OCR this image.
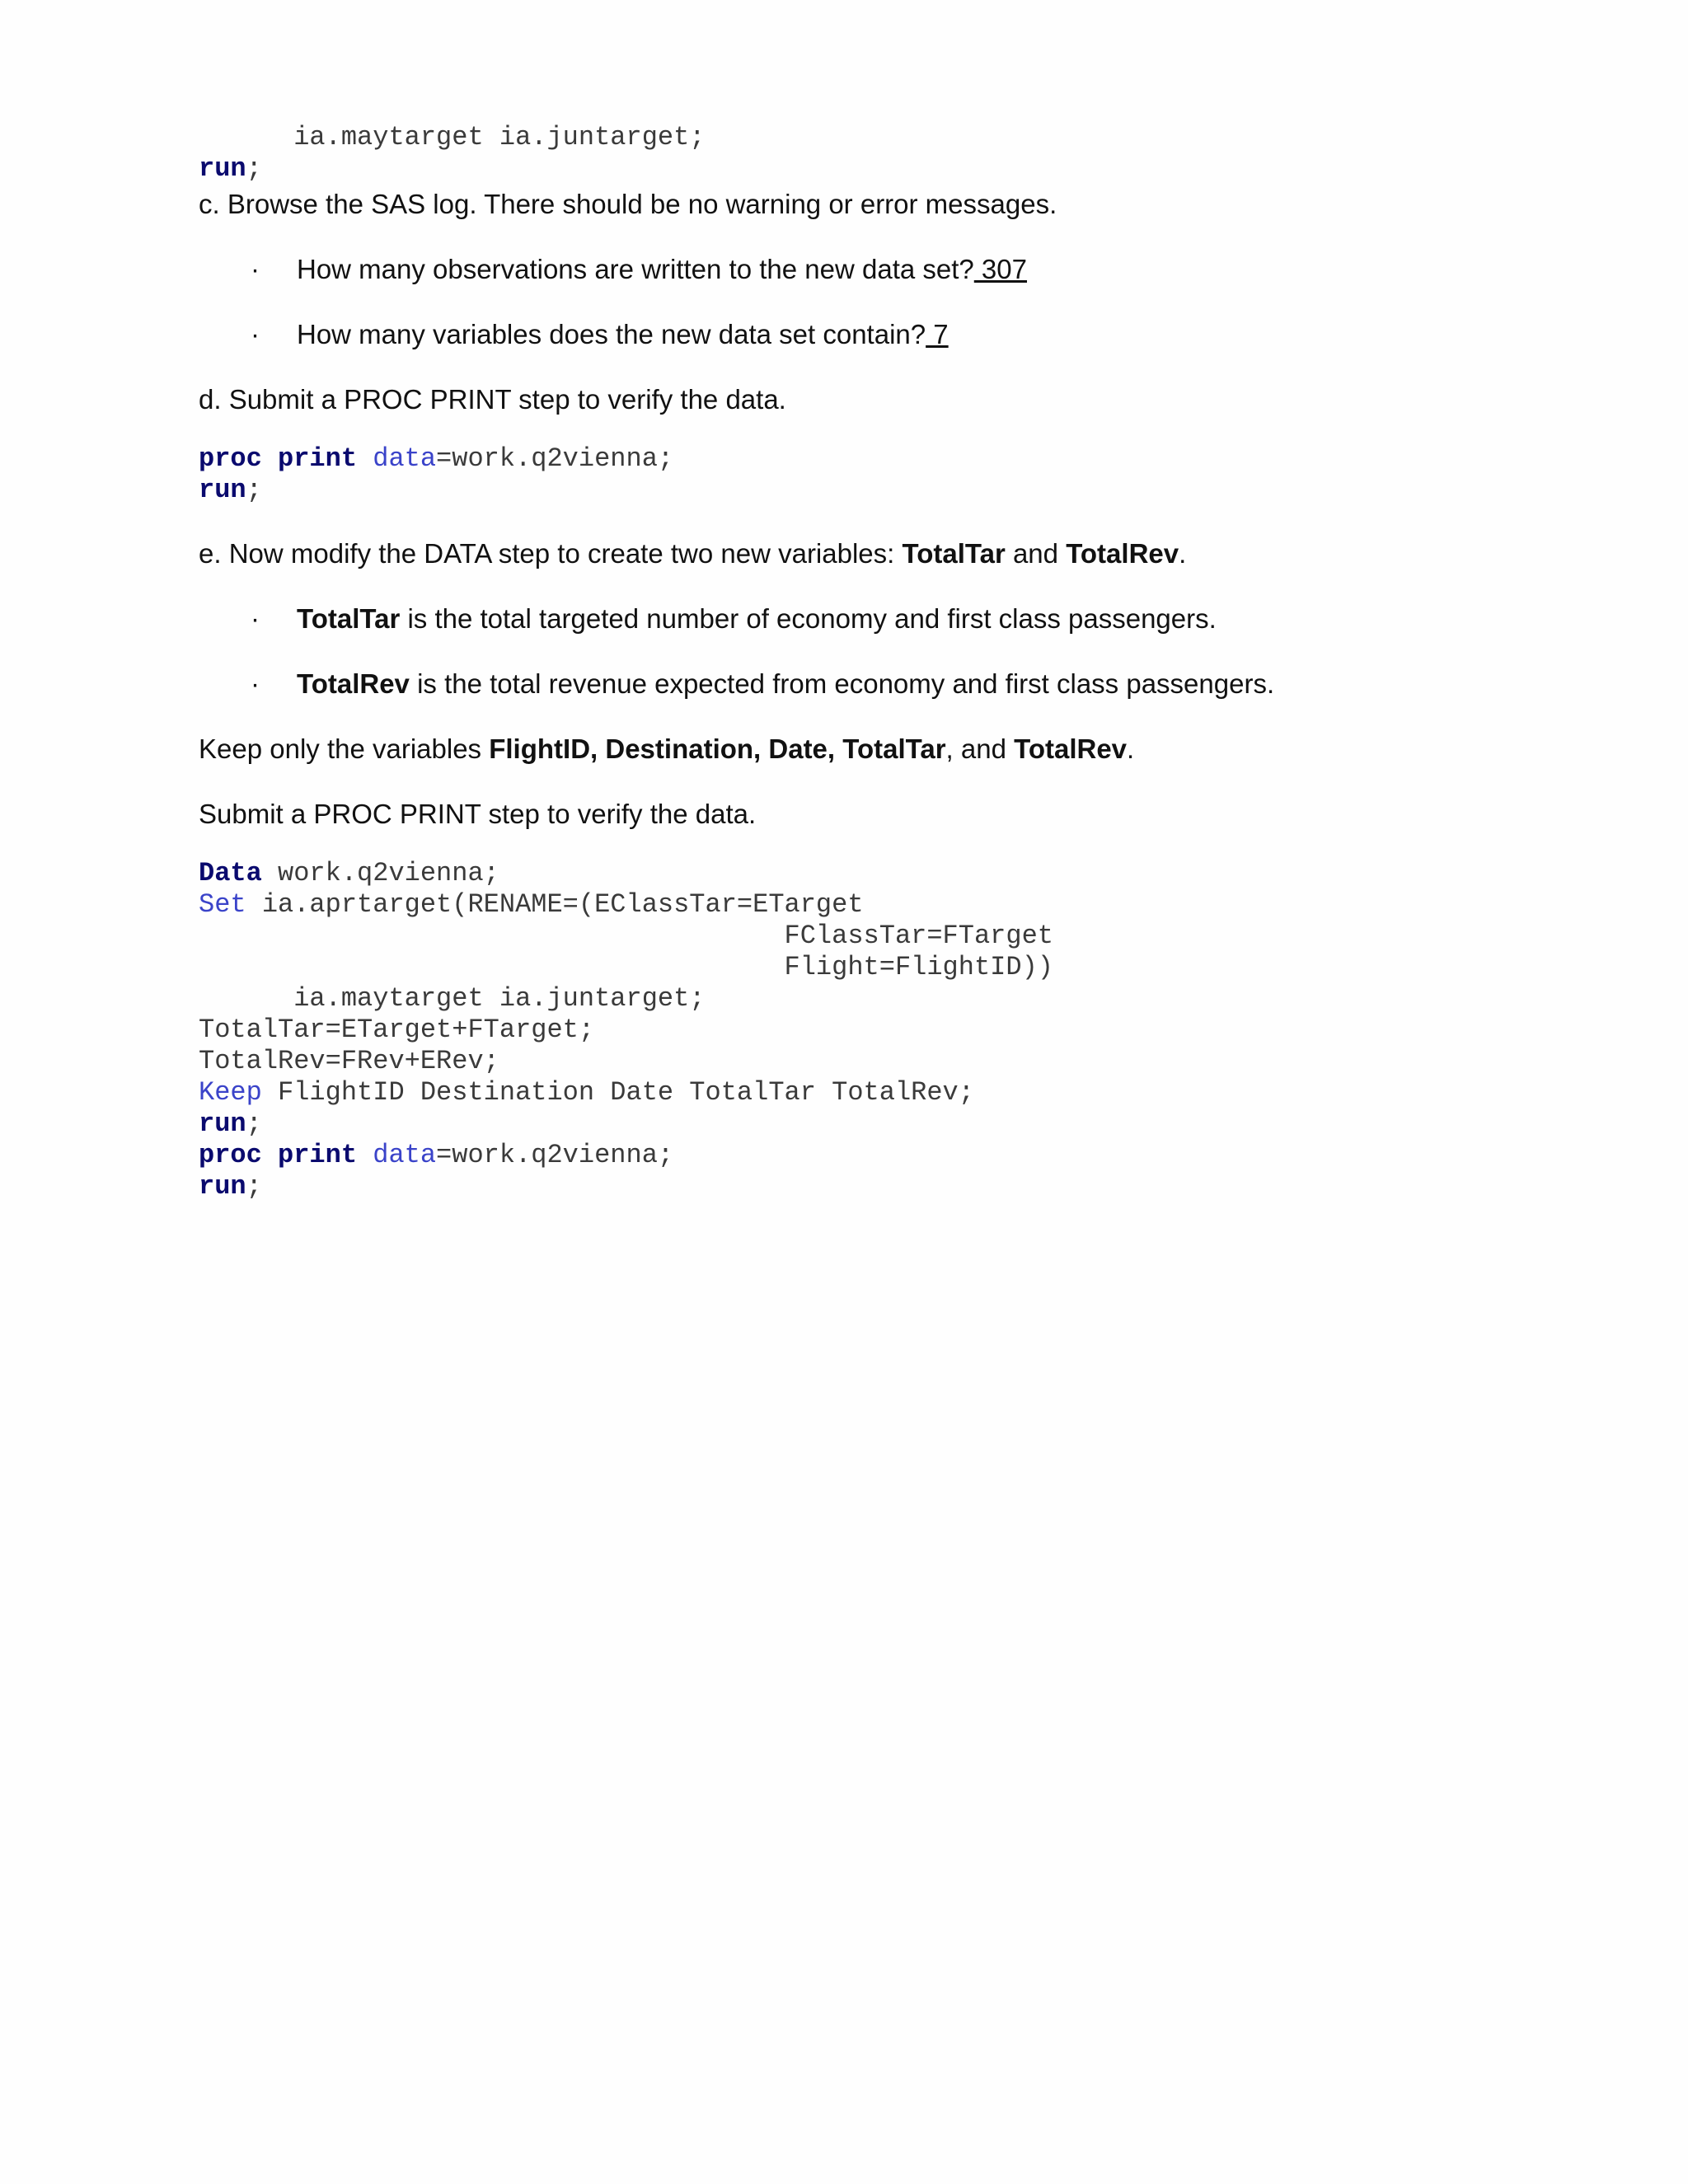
ia.maytarget ia.juntarget;
run;
c. Browse the SAS log. There should be no warning or error messages.
· How many observations are written to the new data set? 307
· How many variables does the new data set contain? 7
d. Submit a PROC PRINT step to verify the data.
proc print data=work.q2vienna;
run;
e. Now modify the DATA step to create two new variables: TotalTar and TotalRev.
· TotalTar is the total targeted number of economy and first class passengers.
· TotalRev is the total revenue expected from economy and first class passengers.
Keep only the variables FlightID, Destination, Date, TotalTar, and TotalRev.
Submit a PROC PRINT step to verify the data.
Data work.q2vienna;
Set ia.aprtarget(RENAME=(EClassTar=ETarget
FClassTar=FTarget
Flight=FlightID))
ia.maytarget ia.juntarget;
TotalTar=ETarget+FTarget;
TotalRev=FRev+ERev;
Keep FlightID Destination Date TotalTar TotalRev;
run;
proc print data=work.q2vienna;
run;
